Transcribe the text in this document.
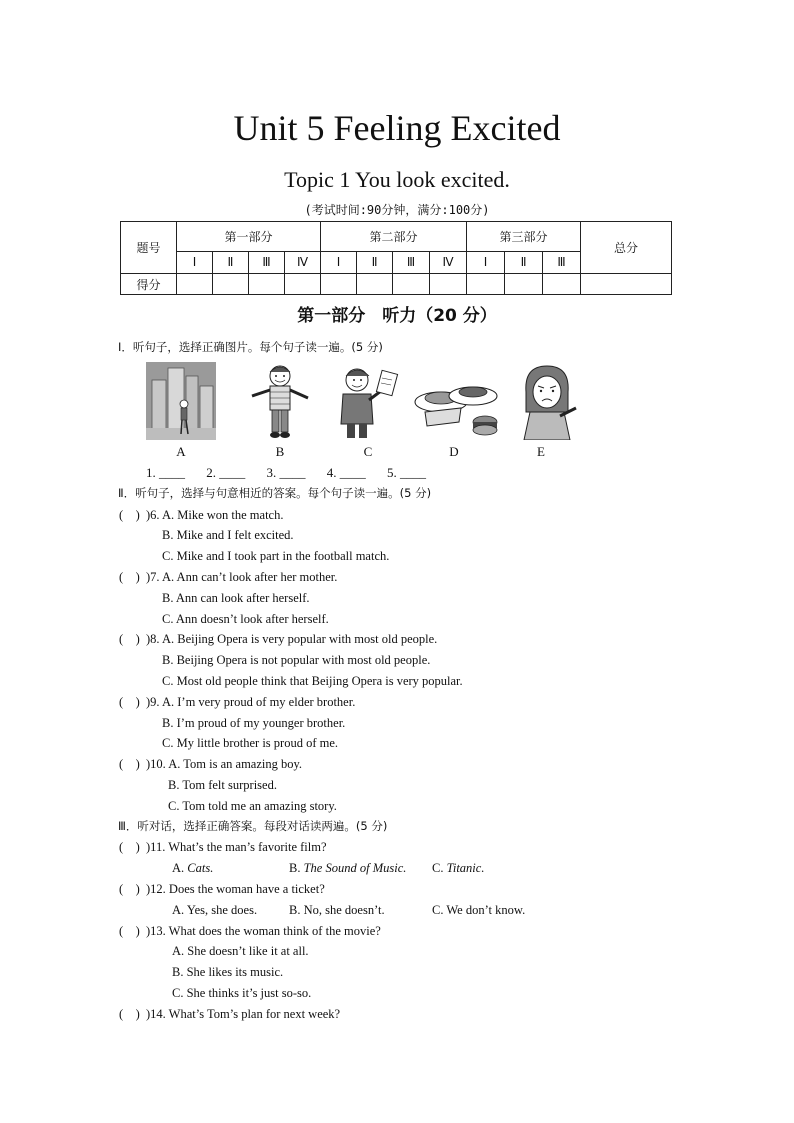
Unit 5 Feeling Excited
Topic 1 You look excited.
(考试时间:90分钟，满分:100分)
题号	第一部分				第二部分				第三部分			总分
	Ⅰ	Ⅱ	Ⅲ	Ⅳ	Ⅰ	Ⅱ	Ⅲ	Ⅳ	Ⅰ	Ⅱ	Ⅲ	
得分												
第一部分　听力（20 分）
Ⅰ．听句子，选择正确图片。每个句子读一遍。(5 分)
A	B	C	D	E
1. ____ 2. ____ 3. ____ 4. ____ 5. ____
Ⅱ．听句子，选择与句意相近的答案。每个句子读一遍。(5 分)
(　) )6. A. Mike won the match.
B. Mike and I felt excited.
C. Mike and I took part in the football match.
(　) )7. A. Ann can’t look after her mother.
B. Ann can look after herself.
C. Ann doesn’t look after herself.
(　) )8. A. Beijing Opera is very popular with most old people.
B. Beijing Opera is not popular with most old people.
C. Most old people think that Beijing Opera is very popular.
(　) )9. A. I’m very proud of my elder brother.
B. I’m proud of my younger brother.
C. My little brother is proud of me.
(　) )10. A. Tom is an amazing boy.
B. Tom felt surprised.
C. Tom told me an amazing story.
Ⅲ．听对话，选择正确答案。每段对话读两遍。(5 分)
(　) )11. What’s the man’s favorite film?
A. Cats.	B. The Sound of Music. C. Titanic.
(　) )12. Does the woman have a ticket?
A. Yes, she does.	B. No, she doesn’t.	C. We don’t know.
(　) )13. What does the woman think of the movie?
A. She doesn’t like it at all.
B. She likes its music.
C. She thinks it’s just so-so.
(　) )14. What’s Tom’s plan for next week?
